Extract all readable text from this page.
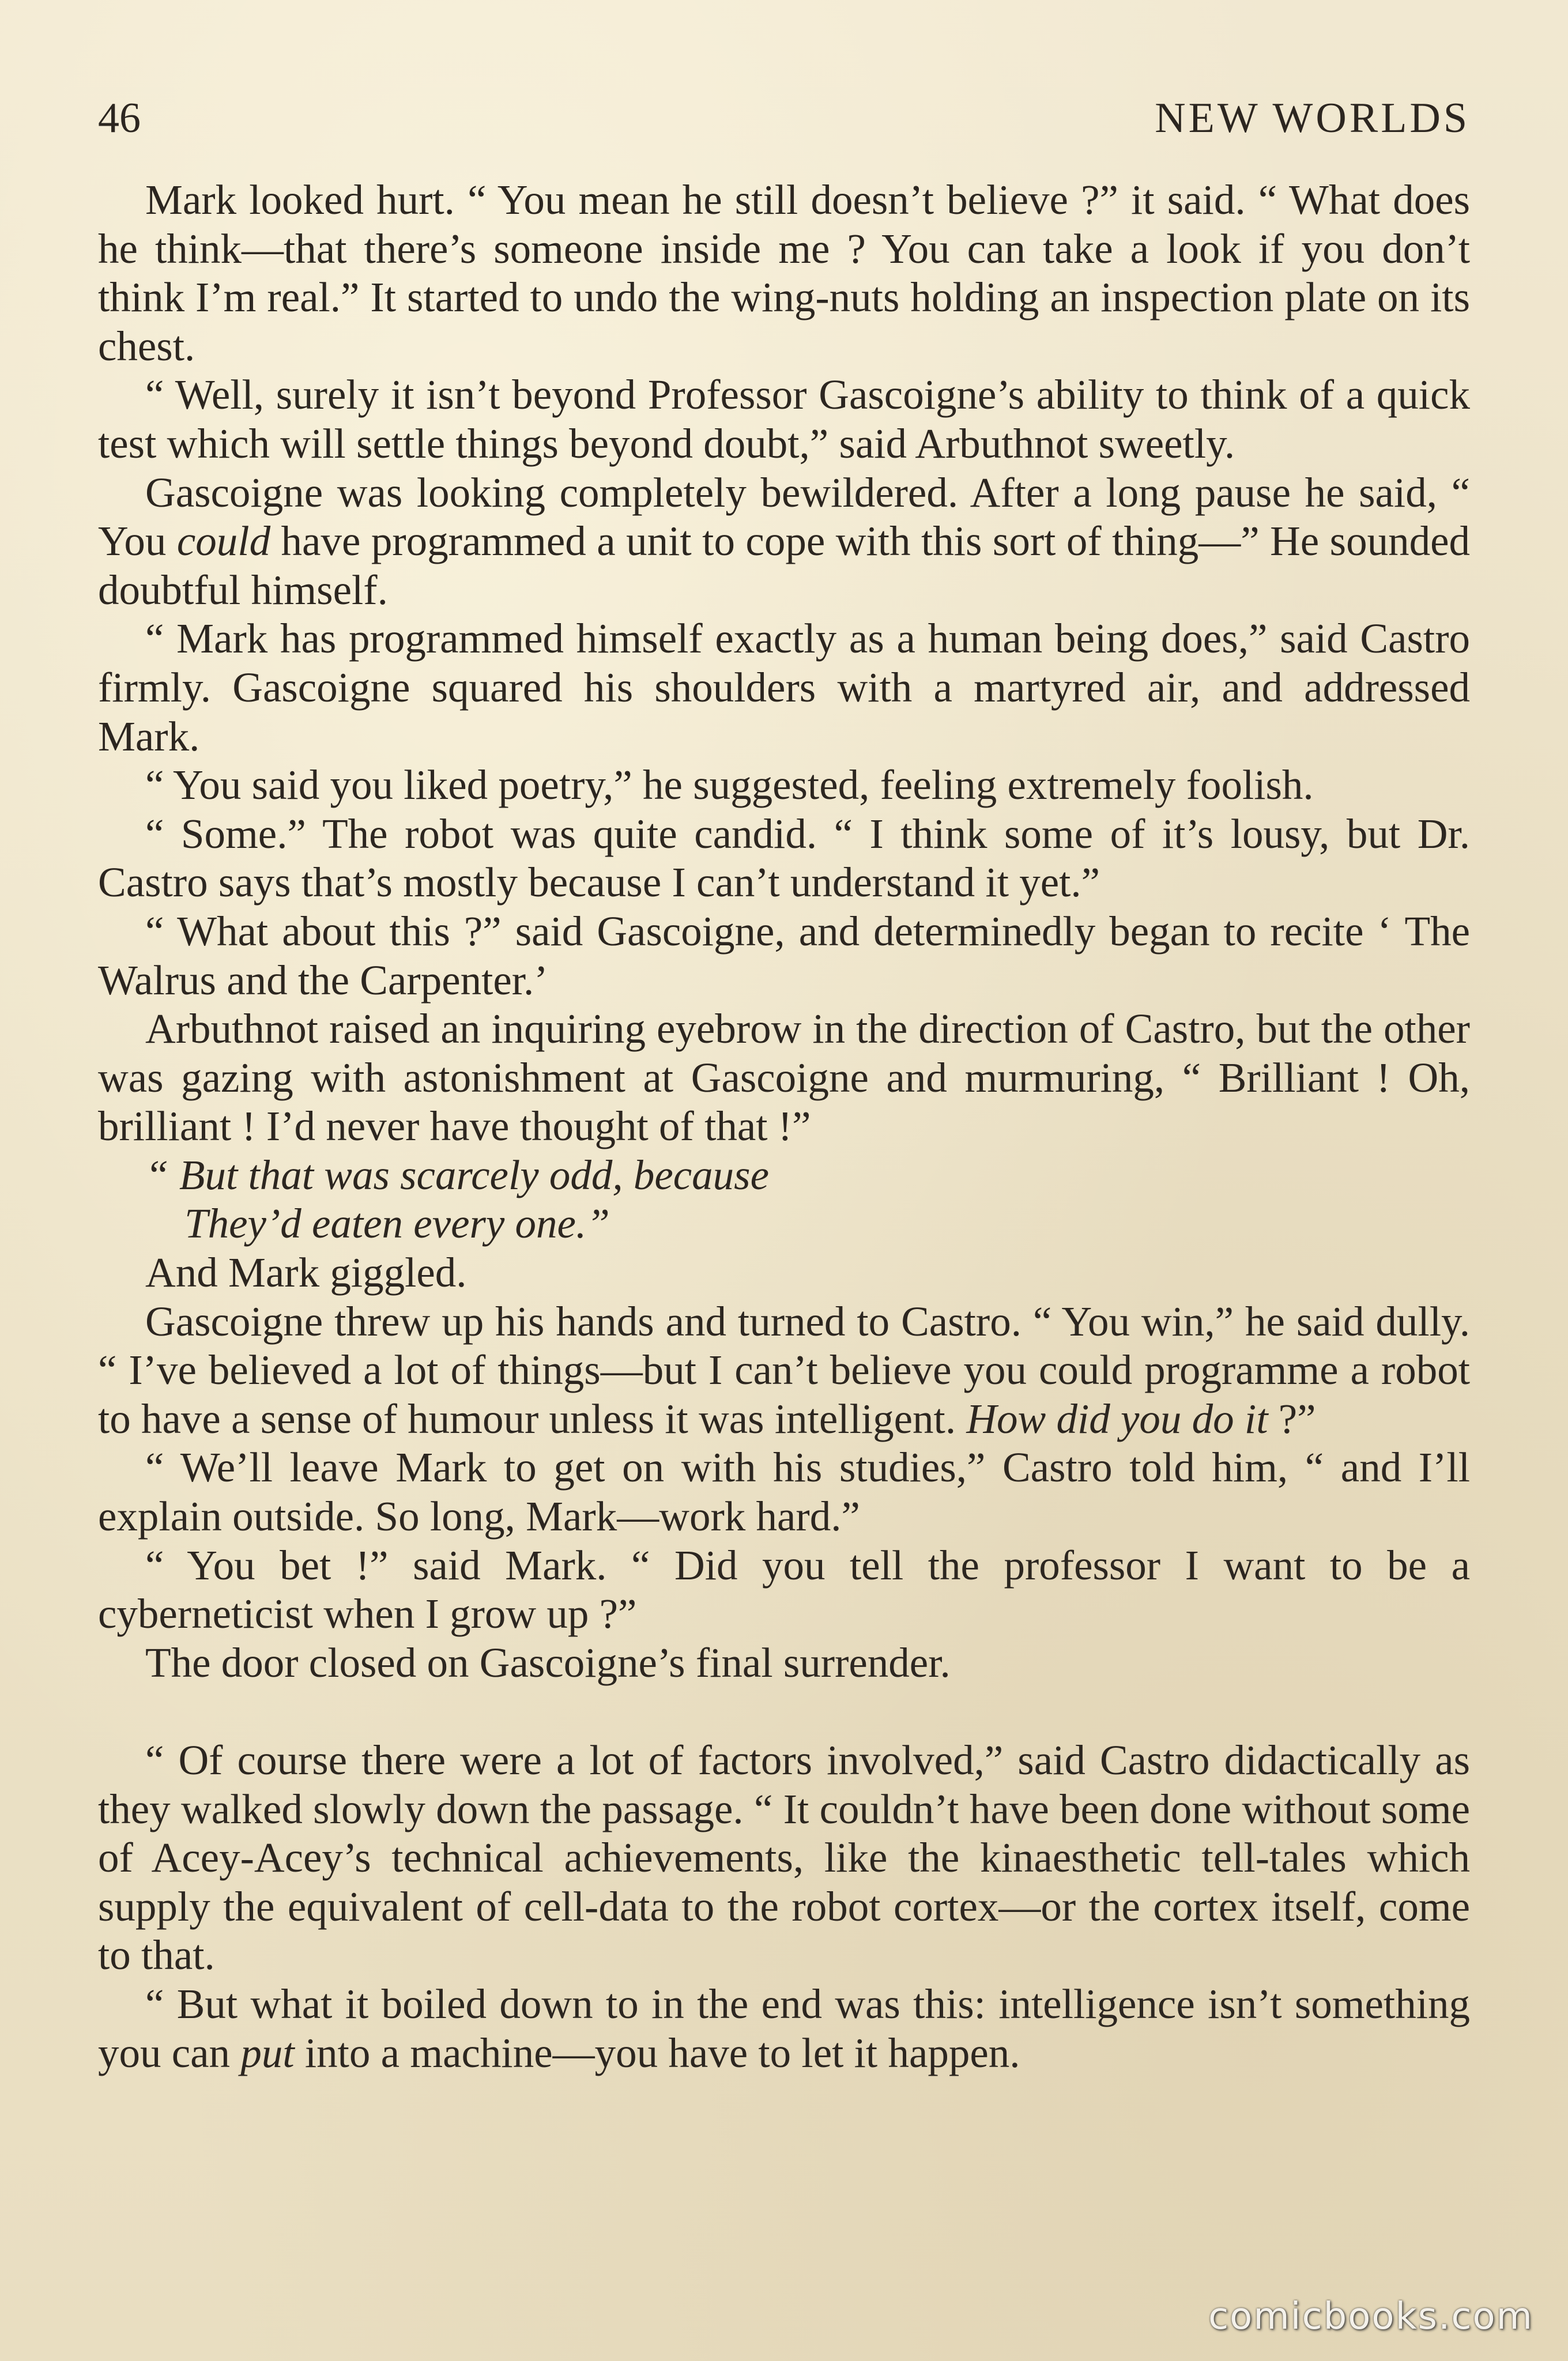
46	NEW WORLDS

Mark looked hurt. “ You mean he still doesn’t believe ?” it said. “ What does he think—that there’s someone inside me ? You can take a look if you don’t think I’m real.” It started to undo the wing-nuts holding an inspection plate on its chest.

“ Well, surely it isn’t beyond Professor Gascoigne’s ability to think of a quick test which will settle things beyond doubt,” said Arbuthnot sweetly.

Gascoigne was looking completely bewildered. After a long pause he said, “ You could have programmed a unit to cope with this sort of thing—” He sounded doubtful himself.

“ Mark has programmed himself exactly as a human being does,” said Castro firmly. Gascoigne squared his shoulders with a martyred air, and addressed Mark.

“ You said you liked poetry,” he suggested, feeling extremely foolish.

“ Some.” The robot was quite candid. “ I think some of it’s lousy, but Dr. Castro says that’s mostly because I can’t understand it yet.”

“ What about this ?” said Gascoigne, and determinedly began to recite ‘ The Walrus and the Carpenter.’

Arbuthnot raised an inquiring eyebrow in the direction of Castro, but the other was gazing with astonishment at Gascoigne and murmuring, “ Brilliant ! Oh, brilliant ! I’d never have thought of that !”

“ But that was scarcely odd, because

They’d eaten every one.”

And Mark giggled.

Gascoigne threw up his hands and turned to Castro. “ You win,” he said dully. “ I’ve believed a lot of things—but I can’t believe you could programme a robot to have a sense of humour unless it was intelligent. How did you do it ?”

“ We’ll leave Mark to get on with his studies,” Castro told him, “ and I’ll explain outside. So long, Mark—work hard.”

“ You bet !” said Mark. “ Did you tell the professor I want to be a cyberneticist when I grow up ?”

The door closed on Gascoigne’s final surrender.

“ Of course there were a lot of factors involved,” said Castro didactically as they walked slowly down the passage. “ It couldn’t have been done without some of Acey-Acey’s technical achievements, like the kinaesthetic tell-tales which supply the equivalent of cell-data to the robot cortex—or the cortex itself, come to that.

“ But what it boiled down to in the end was this: intelligence isn’t something you can put into a machine—you have to let it happen.

comicbooks.com
